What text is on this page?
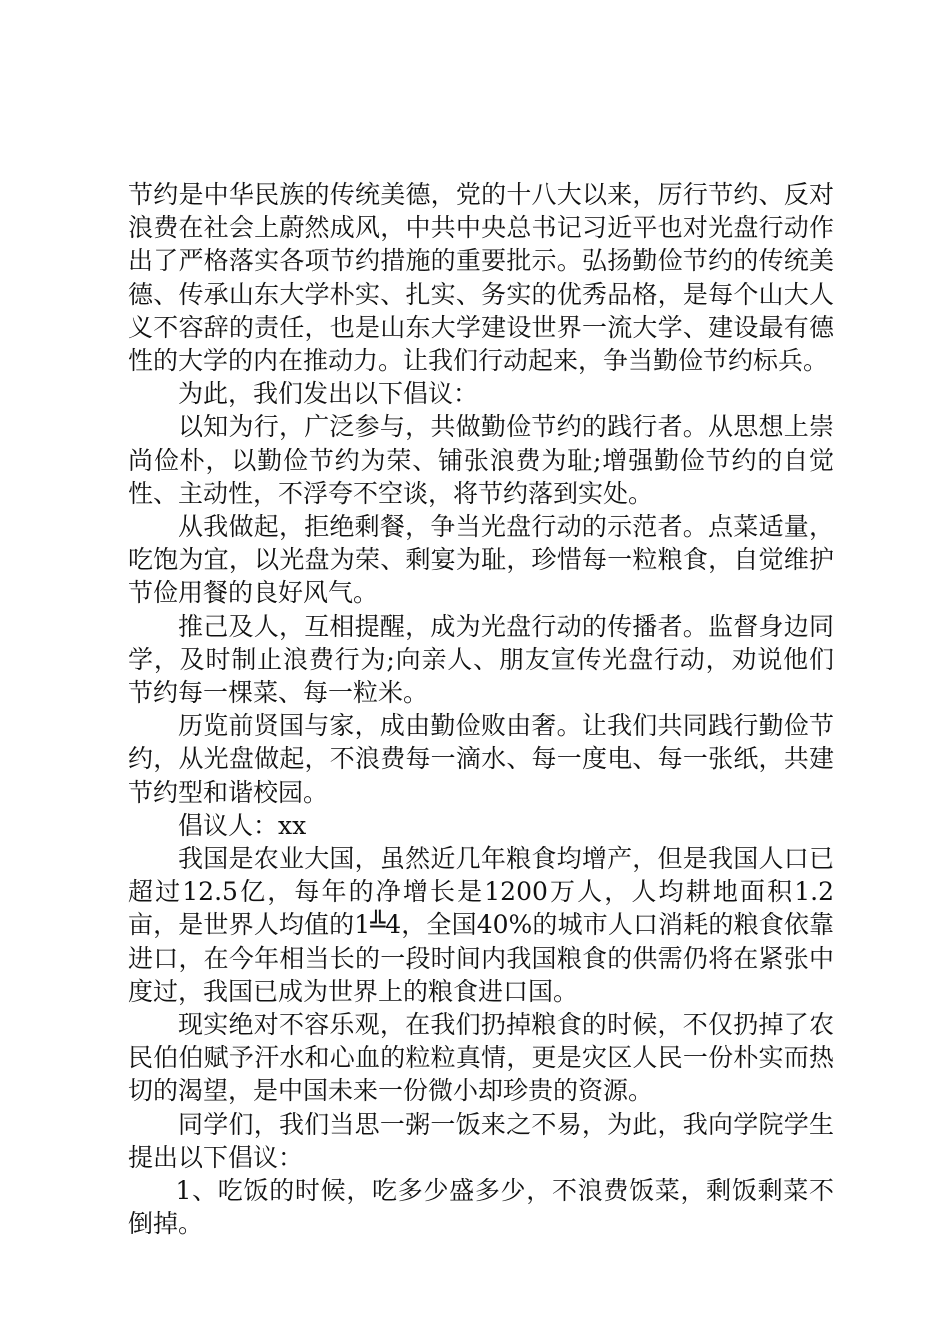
节约是中华民族的传统美德，党的十八大以来，厉行节约、反对浪费在社会上蔚然成风，中共中央总书记习近平也对光盘行动作出了严格落实各项节约措施的重要批示。弘扬勤俭节约的传统美德、传承山东大学朴实、扎实、务实的优秀品格，是每个山大人义不容辞的责任，也是山东大学建设世界一流大学、建设最有德性的大学的内在推动力。让我们行动起来，争当勤俭节约标兵。

为此，我们发出以下倡议：

以知为行，广泛参与，共做勤俭节约的践行者。从思想上崇尚俭朴，以勤俭节约为荣、铺张浪费为耻;增强勤俭节约的自觉性、主动性，不浮夸不空谈，将节约落到实处。

从我做起，拒绝剩餐，争当光盘行动的示范者。点菜适量，吃饱为宜，以光盘为荣、剩宴为耻，珍惜每一粒粮食，自觉维护节俭用餐的良好风气。

推己及人，互相提醒，成为光盘行动的传播者。监督身边同学，及时制止浪费行为;向亲人、朋友宣传光盘行动，劝说他们节约每一棵菜、每一粒米。

历览前贤国与家，成由勤俭败由奢。让我们共同践行勤俭节约，从光盘做起，不浪费每一滴水、每一度电、每一张纸，共建节约型和谐校园。

倡议人：xx

我国是农业大国，虽然近几年粮食均增产，但是我国人口已超过12.5亿，每年的净增长是1200万人，人均耕地面积1.2亩，是世界人均值的1╩4，全国40%的城市人口消耗的粮食依靠进口，在今年相当长的一段时间内我国粮食的供需仍将在紧张中度过，我国已成为世界上的粮食进口国。

现实绝对不容乐观，在我们扔掉粮食的时候，不仅扔掉了农民伯伯赋予汗水和心血的粒粒真情，更是灾区人民一份朴实而热切的渴望，是中国未来一份微小却珍贵的资源。

同学们，我们当思一粥一饭来之不易，为此，我向学院学生提出以下倡议：

1、吃饭的时候，吃多少盛多少，不浪费饭菜，剩饭剩菜不倒掉。
